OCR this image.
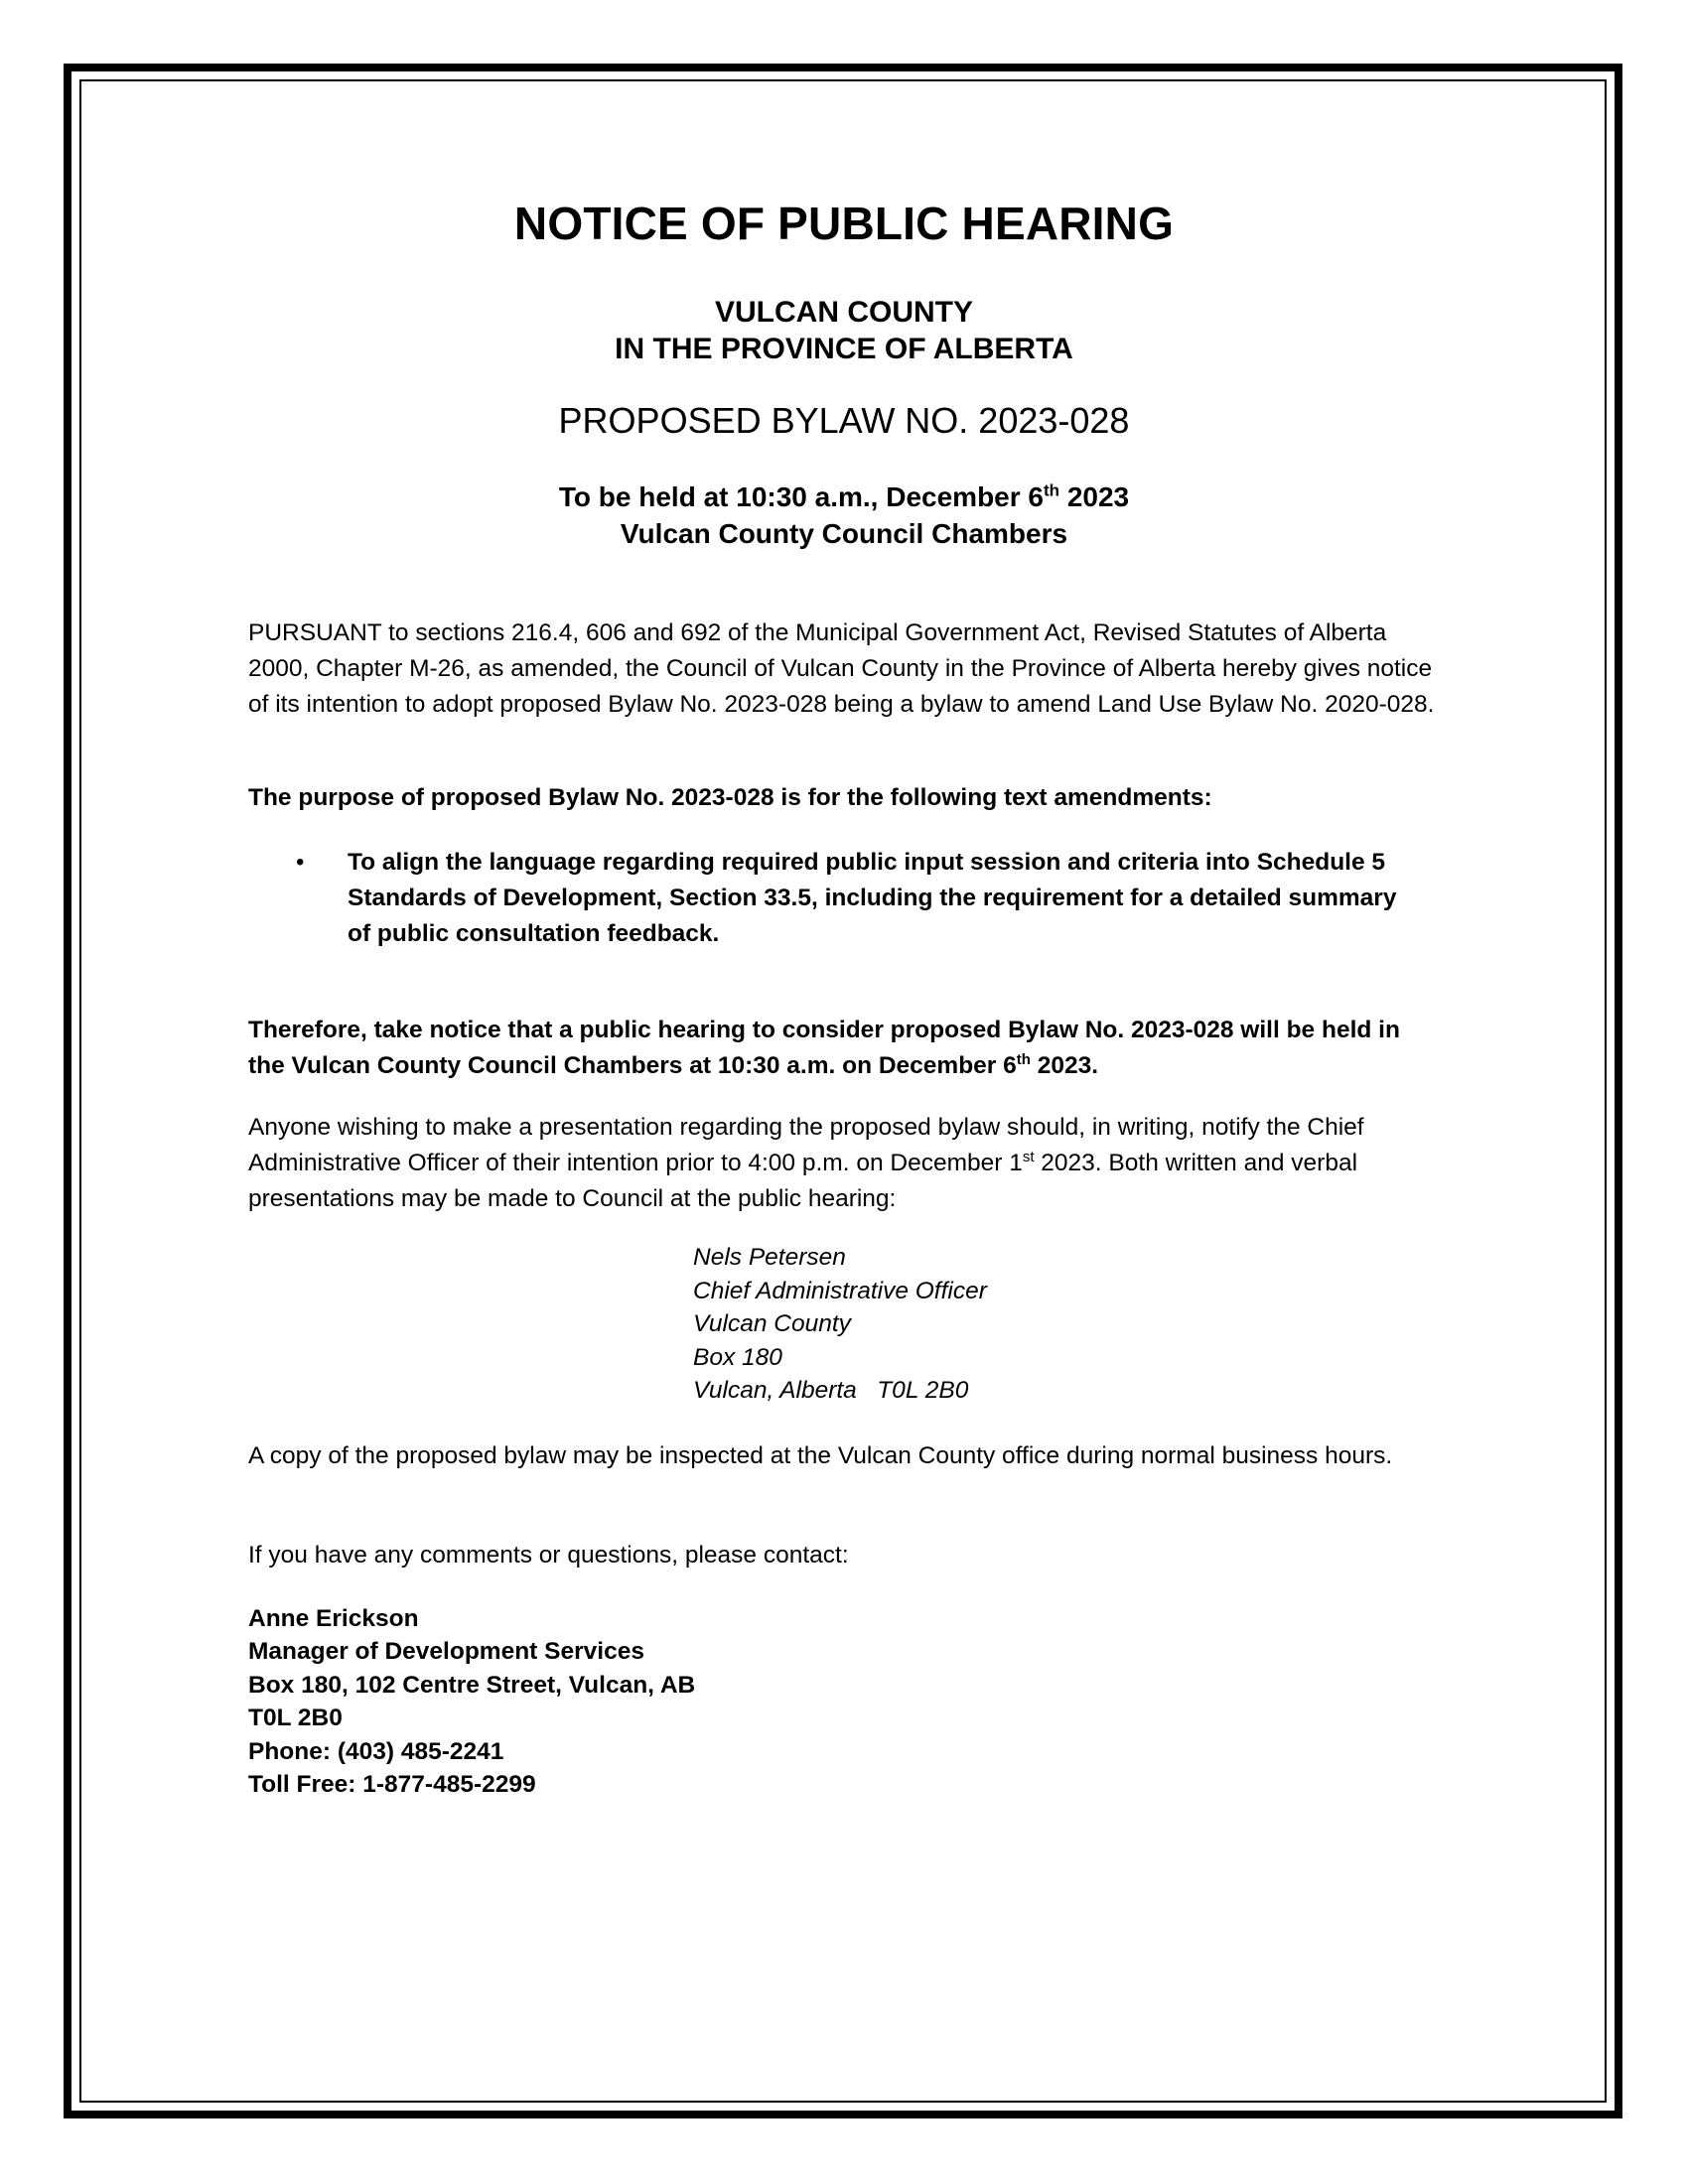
NOTICE OF PUBLIC HEARING
VULCAN COUNTY
IN THE PROVINCE OF ALBERTA
PROPOSED BYLAW NO. 2023-028
To be held at 10:30 a.m., December 6th 2023
Vulcan County Council Chambers
PURSUANT to sections 216.4, 606 and 692 of the Municipal Government Act, Revised Statutes of Alberta 2000, Chapter M-26, as amended, the Council of Vulcan County in the Province of Alberta hereby gives notice of its intention to adopt proposed Bylaw No. 2023-028 being a bylaw to amend Land Use Bylaw No. 2020-028.
The purpose of proposed Bylaw No. 2023-028 is for the following text amendments:
• To align the language regarding required public input session and criteria into Schedule 5 Standards of Development, Section 33.5, including the requirement for a detailed summary of public consultation feedback.
Therefore, take notice that a public hearing to consider proposed Bylaw No. 2023-028 will be held in the Vulcan County Council Chambers at 10:30 a.m. on December 6th 2023.
Anyone wishing to make a presentation regarding the proposed bylaw should, in writing, notify the Chief Administrative Officer of their intention prior to 4:00 p.m. on December 1st 2023. Both written and verbal presentations may be made to Council at the public hearing:
Nels Petersen
Chief Administrative Officer
Vulcan County
Box 180
Vulcan, Alberta   T0L 2B0
A copy of the proposed bylaw may be inspected at the Vulcan County office during normal business hours.
If you have any comments or questions, please contact:
Anne Erickson
Manager of Development Services
Box 180, 102 Centre Street, Vulcan, AB
T0L 2B0
Phone: (403) 485-2241
Toll Free: 1-877-485-2299
